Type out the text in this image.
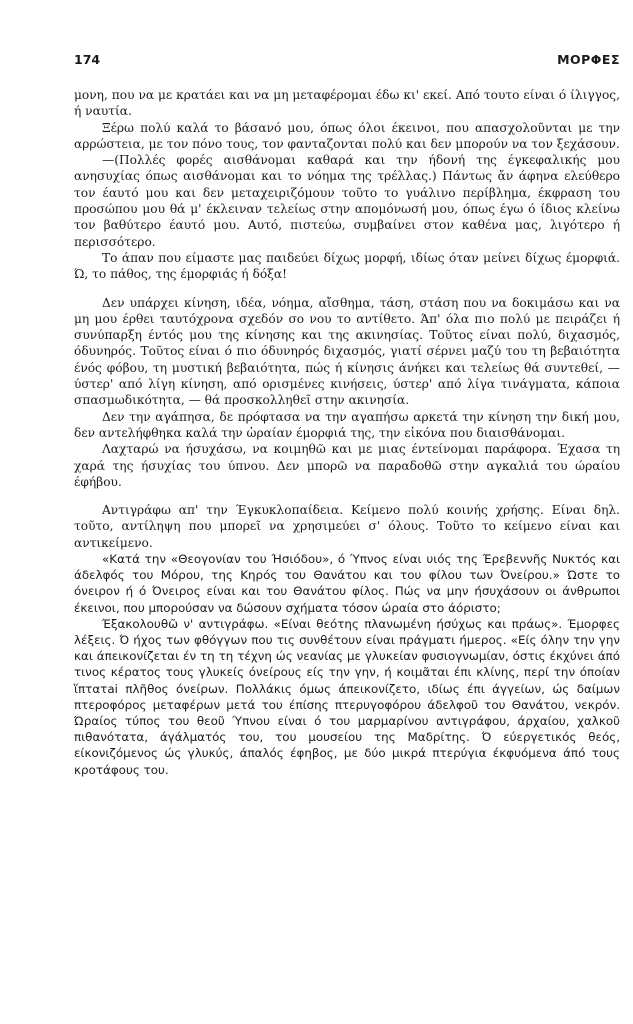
174	ΜΟΡΦΕΣ

μονη, που να με κρατάει και να μη μεταφέρομαι έδω κι' εκεί. Από τουτο είναι ό ίλιγγος, ή ναυτία.

Ξέρω πολύ καλά το βάσανό μου, όπως όλοι έκεινοι, που απασχολοῦνται με την αρρώστεια, με τον πόνο τους, τον φανταζονται πολύ και δεν μπορούν να τον ξεχάσουν.

—(Πολλές φορές αισθάνομαι καθαρά και την ήδονή της έγκεφαλικής μου ανησυχίας όπως αισθάνομαι και το νόημα της τρέλλας.) Πάντως ἄν άφηνα ελεύθερο τον έαυτό μου και δεν μεταχειριζόμουν τοῦτο το γυάλινο περίβλημα, έκφραση του προσώπου μου θά μ' έκλειναν τελείως στην απομόνωσή μου, όπως έγω ό ίδιος κλείνω τον βαθύτερο έαυτό μου. Αυτό, πιστεύω, συμβαίνει στον καθένα μας, λιγότερο ή περισσότερο.

Το άπαν που είμαστε μας παιδεύει δίχως μορφή, ιδίως όταν μείνει δίχως έμορφιά. Ώ, το πάθος, της έμορφιάς ή δόξα!

Δεν υπάρχει κίνηση, ιδέα, νόημα, αἴσθημα, τάση, στάση που να δοκιμάσω και να μη μου έρθει ταυτόχρονα σχεδόν σο νου το αντίθετο. Άπ' όλα πιο πολύ με πειράζει ή συνύπαρξη έντός μου της κίνησης και της ακινησίας. Τοῦτος είναι πολύ, διχασμός, όδυνηρός. Τοῦτος είναι ό πιο όδυνηρός διχασμός, γιατί σέρνει μαζύ του τη βεβαιότητα ένός φόβου, τη μυστική βεβαιότητα, πώς ή κίνησις άνήκει και τελείως θά συντεθεί, — ύστερ' από λίγη κίνηση, από ορισμένες κινήσεις, ύστερ' από λίγα τινάγματα, κάποια σπασμωδικότητα, — θά προσκολληθεῖ στην ακινησία.

Δεν την αγάπησα, δε πρόφτασα να την αγαπήσω αρκετά την κίνηση την δική μου, δεν αντελήφθηκα καλά την ὡραίαν έμορφιά της, την εἰκόνα που διαισθάνομαι.

Λαχταρώ να ήσυχάσω, να κοιμηθῶ και με μιας έντείνομαι παράφορα. Έχασα τη χαρά της ήσυχίας του ύπνου. Δεν μπορῶ να παραδοθῶ στην αγκαλιά του ώραίου έφήβου.

Αντιγράφω απ' την Έγκυκλοπαίδεια. Κείμενο πολύ κοινής χρήσης. Είναι δηλ. τοῦτο, αντίληψη που μπορεῖ να χρησιμεύει σ' όλους. Τοῦτο το κείμενο είναι και αντικείμενο.

«Κατά την «Θεογονίαν του Ήσιόδου», ό Ύπνος είναι υιός της Έρεβεννῆς Νυκτός και άδελφός του Μόρου, της Κηρός του Θανάτου και του φίλου των Όνείρου.» Ώστε το όνειρον ή ό Όνειρος είναι και του Θανάτου φίλος. Πώς να μην ήσυχάσουν οι άνθρωποι έκεινοι, που μπορούσαν να δώσουν σχήματα τόσον ώραία στο άόριστο;

Έξακολουθῶ ν' αντιγράφω. «Είναι θεότης πλανωμένη ήσύχως και πράως». Έμορφες λέξεις. Ό ήχος των φθόγγων που τις συνθέτουν είναι πράγματι ήμερος. «Είς όλην την γην και άπεικονίζεται έν τη τη τέχνη ώς νεανίας με γλυκείαν φυσιογνωμίαν, όστις έκχύνει άπό τινος κέρατος τους γλυκείς όνείρους είς την γην, ή κοιμᾶται έπι κλίνης, περί την όποίαν ἵπτατai πλῆθος όνείρων. Πολλάκις όμως άπεικονίζετο, ιδίως έπι άγγείων, ώς δαίμων πτεροφόρος μεταφέρων μετά του έπίσης πτερυγοφόρου άδελφοῦ του Θανάτου, νεκρόν. Ώραίος τύπος του θεοῦ Ύπνου είναι ό του μαρμαρίνου αντιγράφου, άρχαίου, χαλκοῦ πιθανότατα, άγάλματός του, του μουσείου της Μαδρίτης. Ό εύεργετικός θεός, είκονιζόμενος ώς γλυκύς, άπαλός έφηβος, με δύο μικρά πτερύγια έκφυόμενα άπό τους κροτάφους του.
